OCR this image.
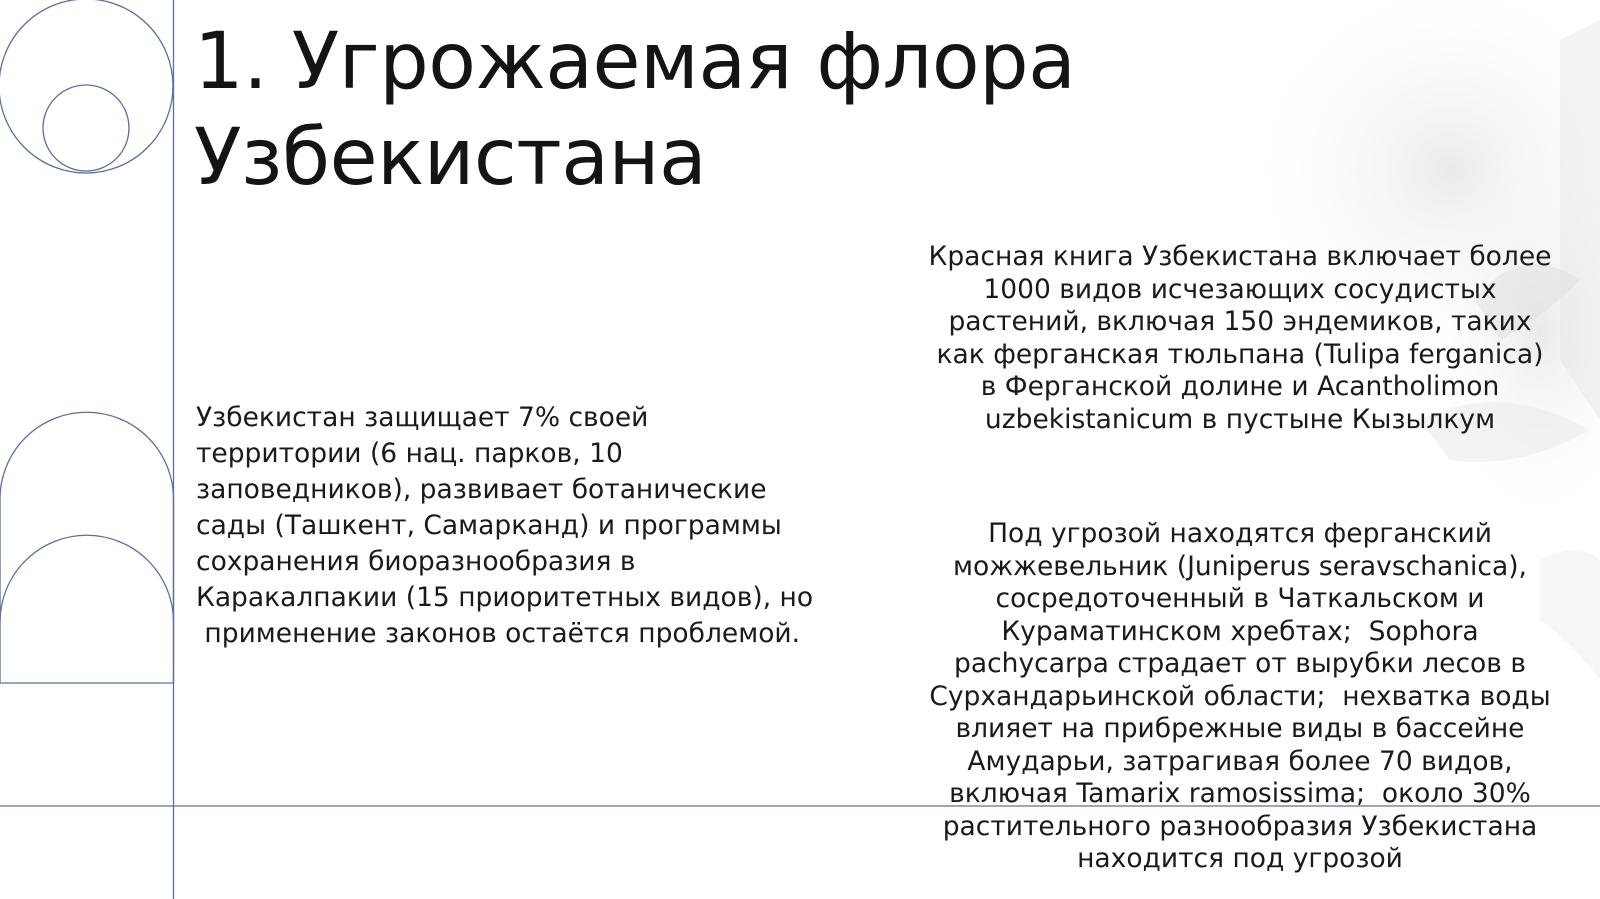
1. Угрожаемая флора
Узбекистана
Узбекистан защищает 7% своей
территории (6 нац. парков, 10
заповедников), развивает ботанические
сады (Ташкент, Самарканд) и программы
сохранения биоразнообразия в
Каракалпакии (15 приоритетных видов), но
применение законов остаётся проблемой.
Красная книга Узбекистана включает более
1000 видов исчезающих сосудистых
растений, включая 150 эндемиков, таких
как ферганская тюльпана (Tulipa ferganica)
в Ферганской долине и Acantholimon
uzbekistanicum в пустыне Кызылкум
Под угрозой находятся ферганский
можжевельник (Juniperus seravschanica),
сосредоточенный в Чаткальском и
Кураматинском хребтах;  Sophora
pachycarpa страдает от вырубки лесов в
Сурхандарьинской области;  нехватка воды
влияет на прибрежные виды в бассейне
Амударьи, затрагивая более 70 видов,
включая Tamarix ramosissima;  около 30%
растительного разнообразия Узбекистана
находится под угрозой
